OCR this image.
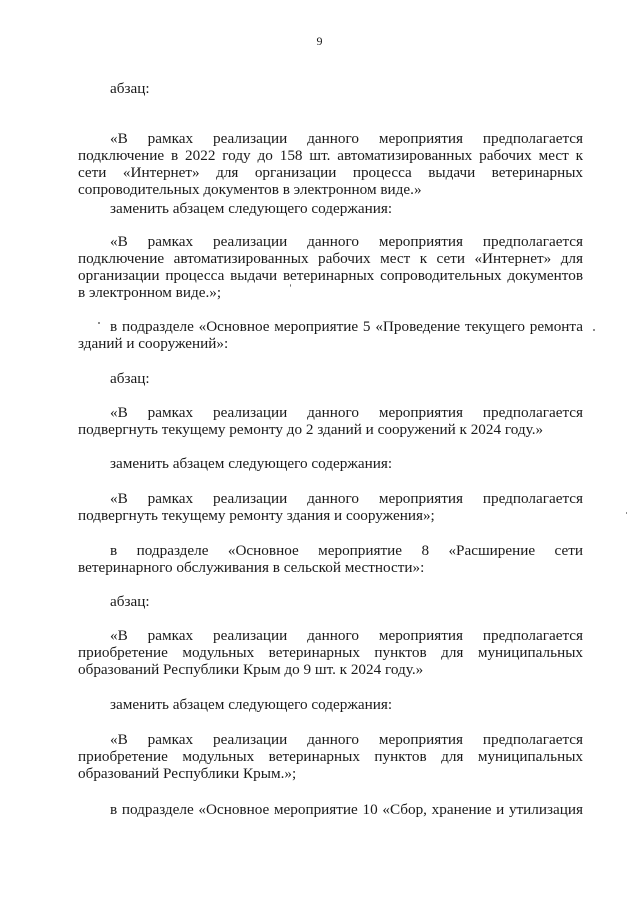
9

абзац:

«В рамках реализации данного мероприятия предполагается подключение в 2022 году до 158 шт. автоматизированных рабочих мест к сети «Интернет» для организации процесса выдачи ветеринарных сопроводительных документов в электронном виде.»

заменить абзацем следующего содержания:

«В рамках реализации данного мероприятия предполагается подключение автоматизированных рабочих мест к сети «Интернет» для организации процесса выдачи ветеринарных сопроводительных документов в электронном виде.»;

в подразделе «Основное мероприятие 5 «Проведение текущего ремонта зданий и сооружений»:

абзац:

«В рамках реализации данного мероприятия предполагается подвергнуть текущему ремонту до 2 зданий и сооружений к 2024 году.»

заменить абзацем следующего содержания:

«В рамках реализации данного мероприятия предполагается подвергнуть текущему ремонту здания и сооружения»;

в подразделе «Основное мероприятие 8 «Расширение сети ветеринарного обслуживания в сельской местности»:

абзац:

«В рамках реализации данного мероприятия предполагается приобретение модульных ветеринарных пунктов для муниципальных образований Республики Крым до 9 шт. к 2024 году.»

заменить абзацем следующего содержания:

«В рамках реализации данного мероприятия предполагается приобретение модульных ветеринарных пунктов для муниципальных образований Республики Крым.»;

в подразделе «Основное мероприятие 10 «Сбор, хранение и утилизация
